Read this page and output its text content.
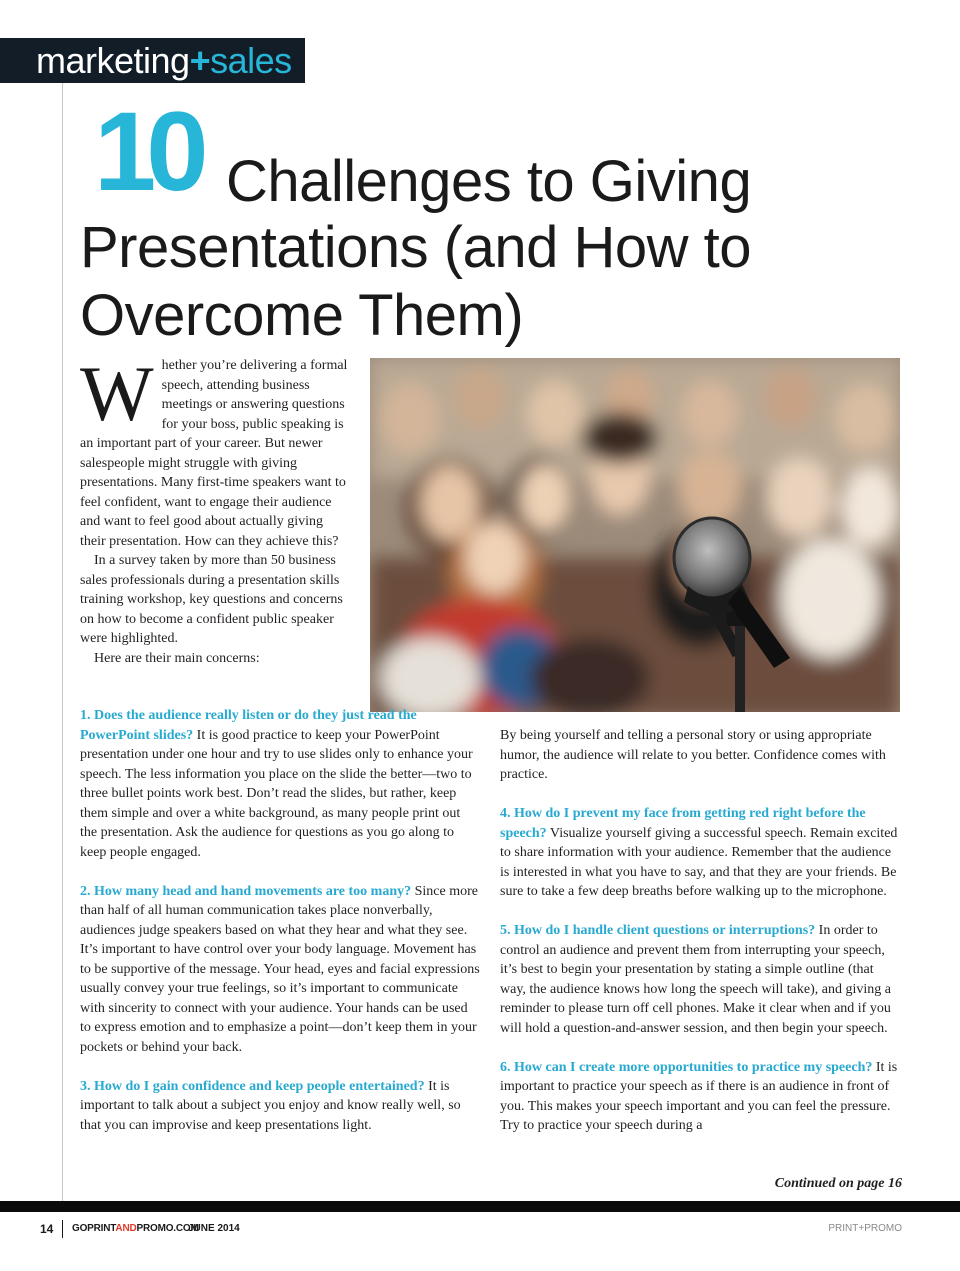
marketing+sales
10 Challenges to Giving
Presentations (and How to
Overcome Them)

Whether you’re delivering a formal speech, attending business meetings or answering questions for your boss, public speaking is an important part of your career. But newer salespeople might struggle with giving presentations. Many first-time speakers want to feel confident, want to engage their audience and want to feel good about actually giving their presentation. How can they achieve this?

In a survey taken by more than 50 business sales professionals during a presentation skills training workshop, key questions and concerns on how to become a confident public speaker were highlighted.

Here are their main concerns:

1. Does the audience really listen or do they just read the PowerPoint slides? It is good practice to keep your PowerPoint presentation under one hour and try to use slides only to enhance your speech. The less information you place on the slide the better—two to three bullet points work best. Don’t read the slides, but rather, keep them simple and over a white background, as many people print out the presentation. Ask the audience for questions as you go along to keep people engaged.

2. How many head and hand movements are too many? Since more than half of all human communication takes place nonverbally, audiences judge speakers based on what they hear and what they see. It’s important to have control over your body language. Movement has to be supportive of the message. Your head, eyes and facial expressions usually convey your true feelings, so it’s important to communicate with sincerity to connect with your audience. Your hands can be used to express emotion and to emphasize a point—don’t keep them in your pockets or behind your back.

3. How do I gain confidence and keep people entertained? It is important to talk about a subject you enjoy and know really well, so that you can improvise and keep presentations light.

By being yourself and telling a personal story or using appropriate humor, the audience will relate to you better. Confidence comes with practice.

4. How do I prevent my face from getting red right before the speech? Visualize yourself giving a successful speech. Remain excited to share information with your audience. Remember that the audience is interested in what you have to say, and that they are your friends. Be sure to take a few deep breaths before walking up to the microphone.

5. How do I handle client questions or interruptions? In order to control an audience and prevent them from interrupting your speech, it’s best to begin your presentation by stating a simple outline (that way, the audience knows how long the speech will take), and giving a reminder to please turn off cell phones. Make it clear when and if you will hold a question-and-answer session, and then begin your speech.

6. How can I create more opportunities to practice my speech? It is important to practice your speech as if there is an audience in front of you. This makes your speech important and you can feel the pressure. Try to practice your speech during a

Continued on page 16
14 GOPRINTANDPROMO.COM
JUNE 2014	PRINT+PROMO
